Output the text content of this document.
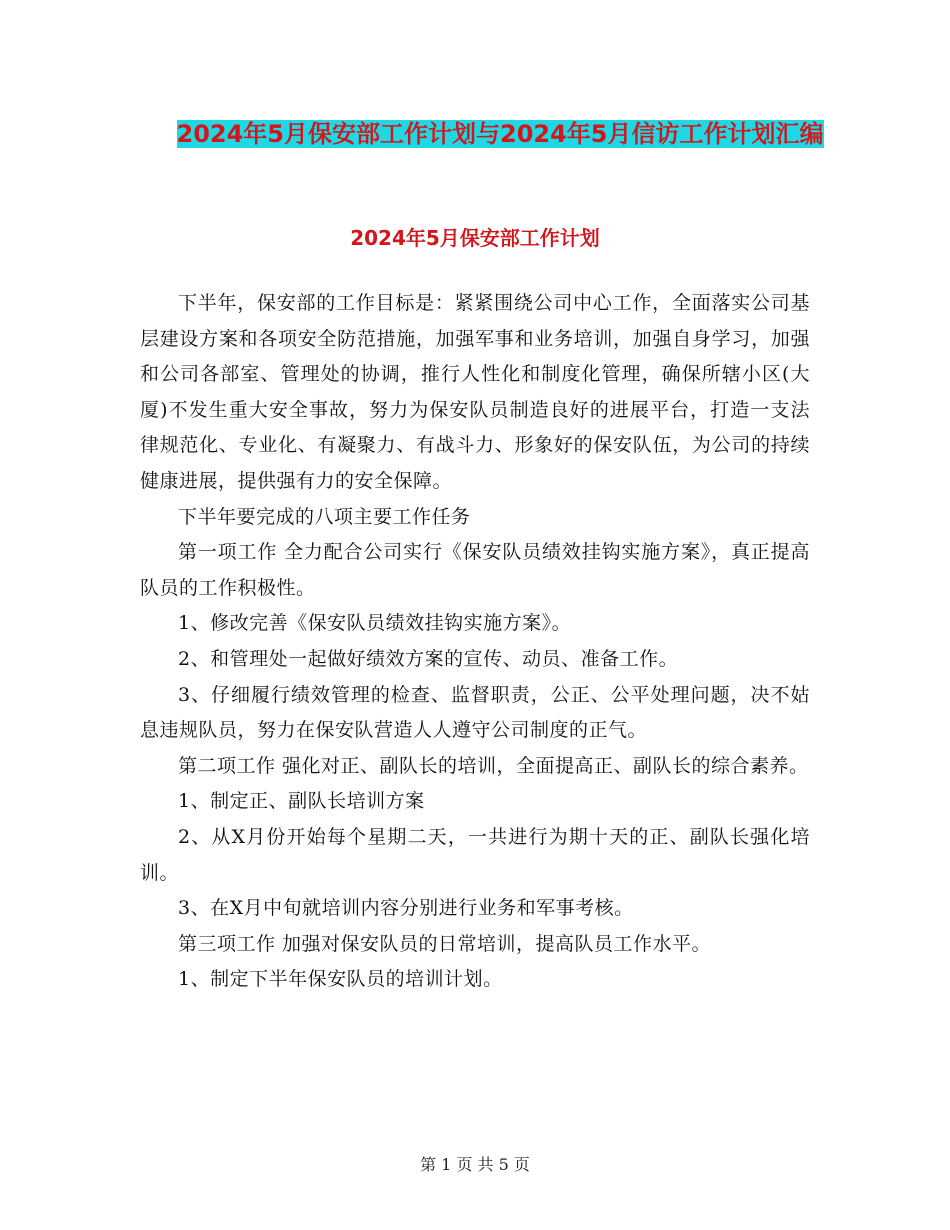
2024年5月保安部工作计划与2024年5月信访工作计划汇编
2024年5月保安部工作计划

下半年，保安部的工作目标是：紧紧围绕公司中心工作，全面落实公司基层建设方案和各项安全防范措施，加强军事和业务培训，加强自身学习，加强和公司各部室、管理处的协调，推行人性化和制度化管理，确保所辖小区(大厦)不发生重大安全事故，努力为保安队员制造良好的进展平台，打造一支法律规范化、专业化、有凝聚力、有战斗力、形象好的保安队伍，为公司的持续健康进展，提供强有力的安全保障。

下半年要完成的八项主要工作任务

第一项工作 全力配合公司实行《保安队员绩效挂钩实施方案》，真正提高队员的工作积极性。

1、修改完善《保安队员绩效挂钩实施方案》。

2、和管理处一起做好绩效方案的宣传、动员、准备工作。

3、仔细履行绩效管理的检查、监督职责，公正、公平处理问题，决不姑息违规队员，努力在保安队营造人人遵守公司制度的正气。

第二项工作 强化对正、副队长的培训，全面提高正、副队长的综合素养。

1、制定正、副队长培训方案

2、从X月份开始每个星期二天，一共进行为期十天的正、副队长强化培训。

3、在X月中旬就培训内容分别进行业务和军事考核。

第三项工作 加强对保安队员的日常培训，提高队员工作水平。

1、制定下半年保安队员的培训计划。

第 1 页 共 5 页
